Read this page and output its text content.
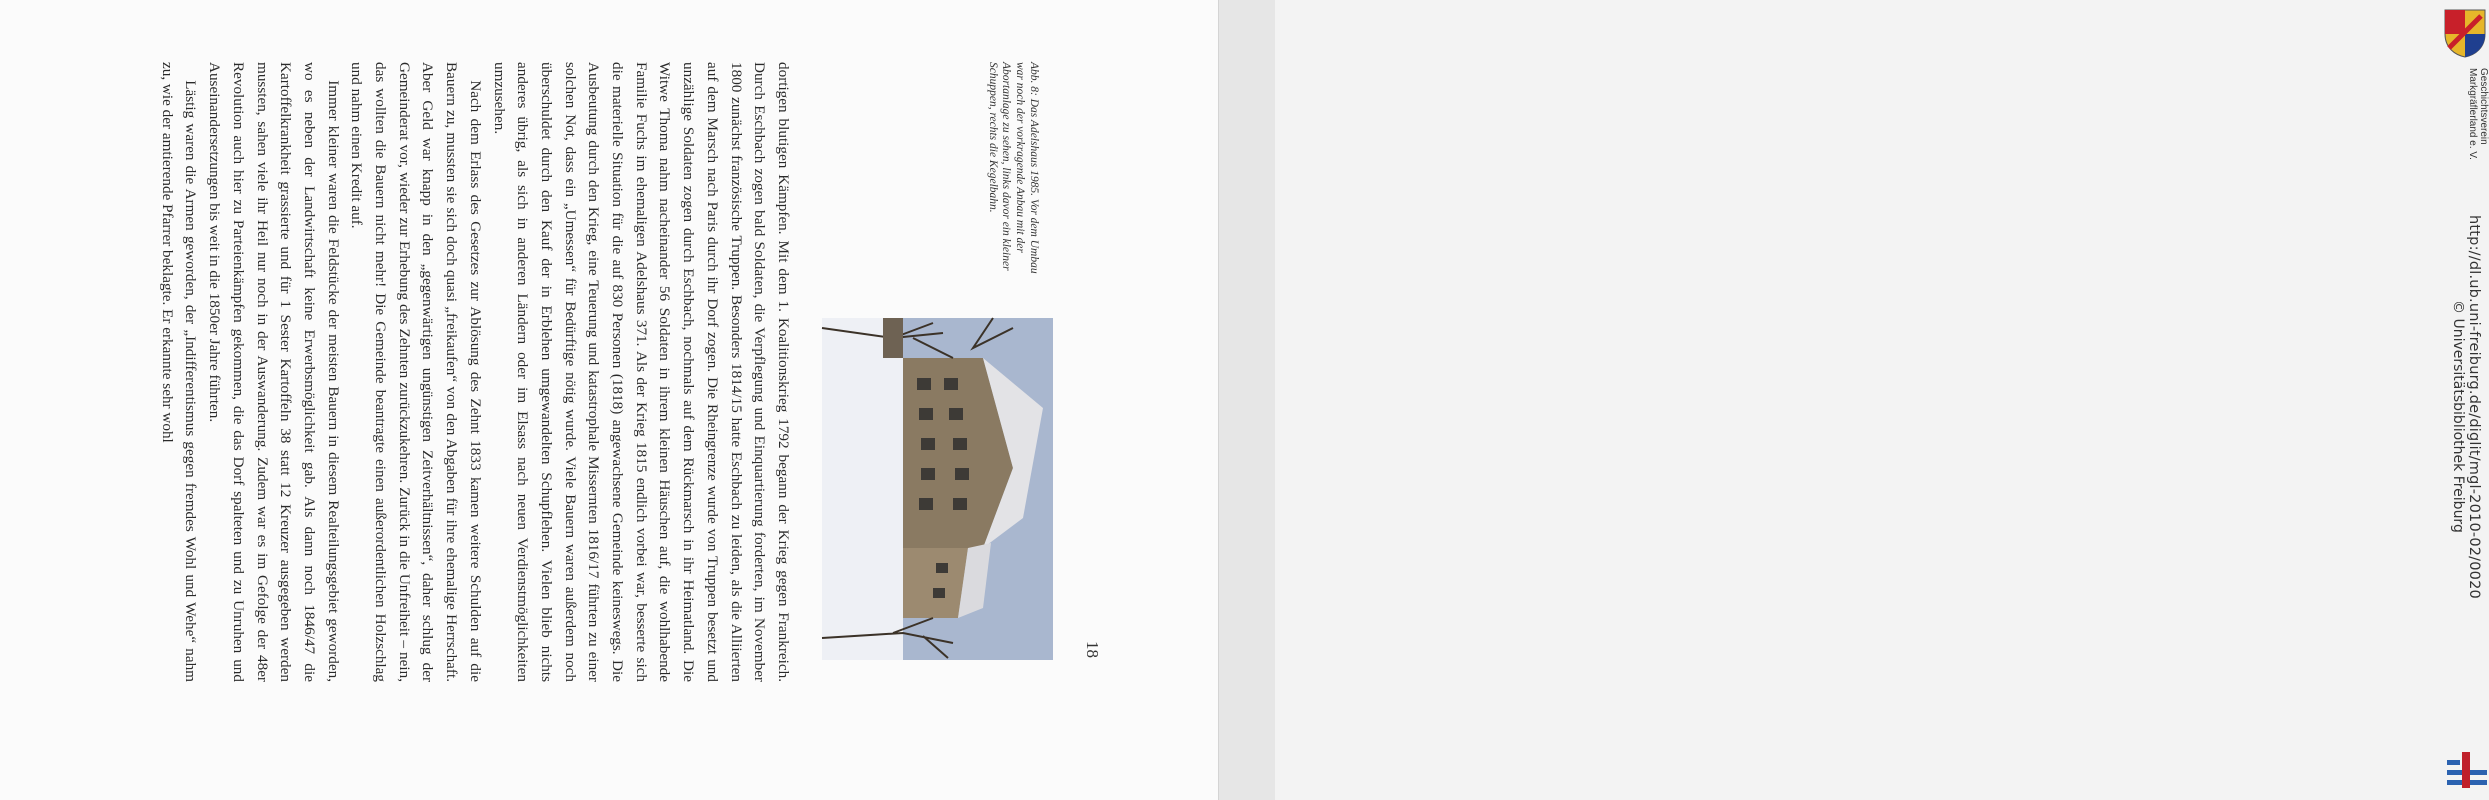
dortigen blutigen Kämpfen. Mit dem 1. Koalitionskrieg 1792 begann der Krieg gegen Frankreich. Durch Eschbach zogen bald Soldaten, die Verpflegung und Einquartierung forderten, im November 1800 zunächst französische Truppen. Besonders 1814/15 hatte Eschbach zu leiden, als die Alliierten auf dem Marsch nach Paris durch ihr Dorf zogen. Die Rheingrenze wurde von Truppen besetzt und unzählige Soldaten zogen durch Eschbach, nochmals auf dem Rückmarsch in ihr Heimatland. Die Witwe Thoma nahm nacheinander 56 Soldaten in ihrem kleinen Häuschen auf, die wohlhabende Familie Fuchs im ehemaligen Adelshaus 371. Als der Krieg 1815 endlich vorbei war, besserte sich die materielle Situation für die auf 830 Personen (1818) angewachsene Gemeinde keineswegs. Die Ausbeutung durch den Krieg, eine Teuerung und katastrophale Missernten 1816/17 führten zu einer solchen Not, dass ein „Umessen“ für Bedürftige nötig wurde. Viele Bauern waren außerdem noch überschuldet durch den Kauf der in Erblehen umgewandelten Schupflehen. Vielen blieb nichts anderes übrig, als sich in anderen Ländern oder im Elsass nach neuen Verdienstmöglichkeiten umzusehen.

Nach dem Erlass des Gesetzes zur Ablösung des Zehnt 1833 kamen weitere Schulden auf die Bauern zu, mussten sie sich doch quasi „freikaufen“ von den Abgaben für ihre ehemalige Herrschaft. Aber Geld war knapp in den „gegenwärtigen ungünstigen Zeitverhältnissen“, daher schlug der Gemeinderat vor, wieder zur Erhebung des Zehnten zurückzukehren. Zurück in die Unfreiheit – nein, das wollten die Bauern nicht mehr! Die Gemeinde beantragte einen außerordentlichen Holzschlag und nahm einen Kredit auf.

Immer kleiner waren die Feldstücke der meisten Bauern in diesem Realteilungsgebiet geworden, wo es neben der Landwirtschaft keine Erwerbsmöglichkeit gab. Als dann noch 1846/47 die Kartoffelkrankheit grassierte und für 1 Sester Kartoffeln 38 statt 12 Kreuzer ausgegeben werden mussten, sahen viele ihr Heil nur noch in der Auswanderung. Zudem war es im Gefolge der 48er Revolution auch hier zu Parteienkämpfen gekommen, die das Dorf spalteten und zu Unruhen und Auseinandersetzungen bis weit in die 1850er Jahre führten.

Lästig waren die Armen geworden, der „Indifferentismus gegen fremdes Wohl und Wehe“ nahm zu, wie der amtierende Pfarrer beklagte. Er erkannte sehr wohl	Abb. 8: Das Adelshaus 1985. Vor dem Umbau war noch der vorkragende Anbau mit der Abortanlage zu sehen, links davor ein kleiner Schuppen, rechts die Kegelbahn.
18
http://dl.ub.uni-freiburg.de/diglit/mgl-2010-02/0020
© Universitätsbibliothek Freiburg
Geschichtsverein
Markgräflerland e. V.
